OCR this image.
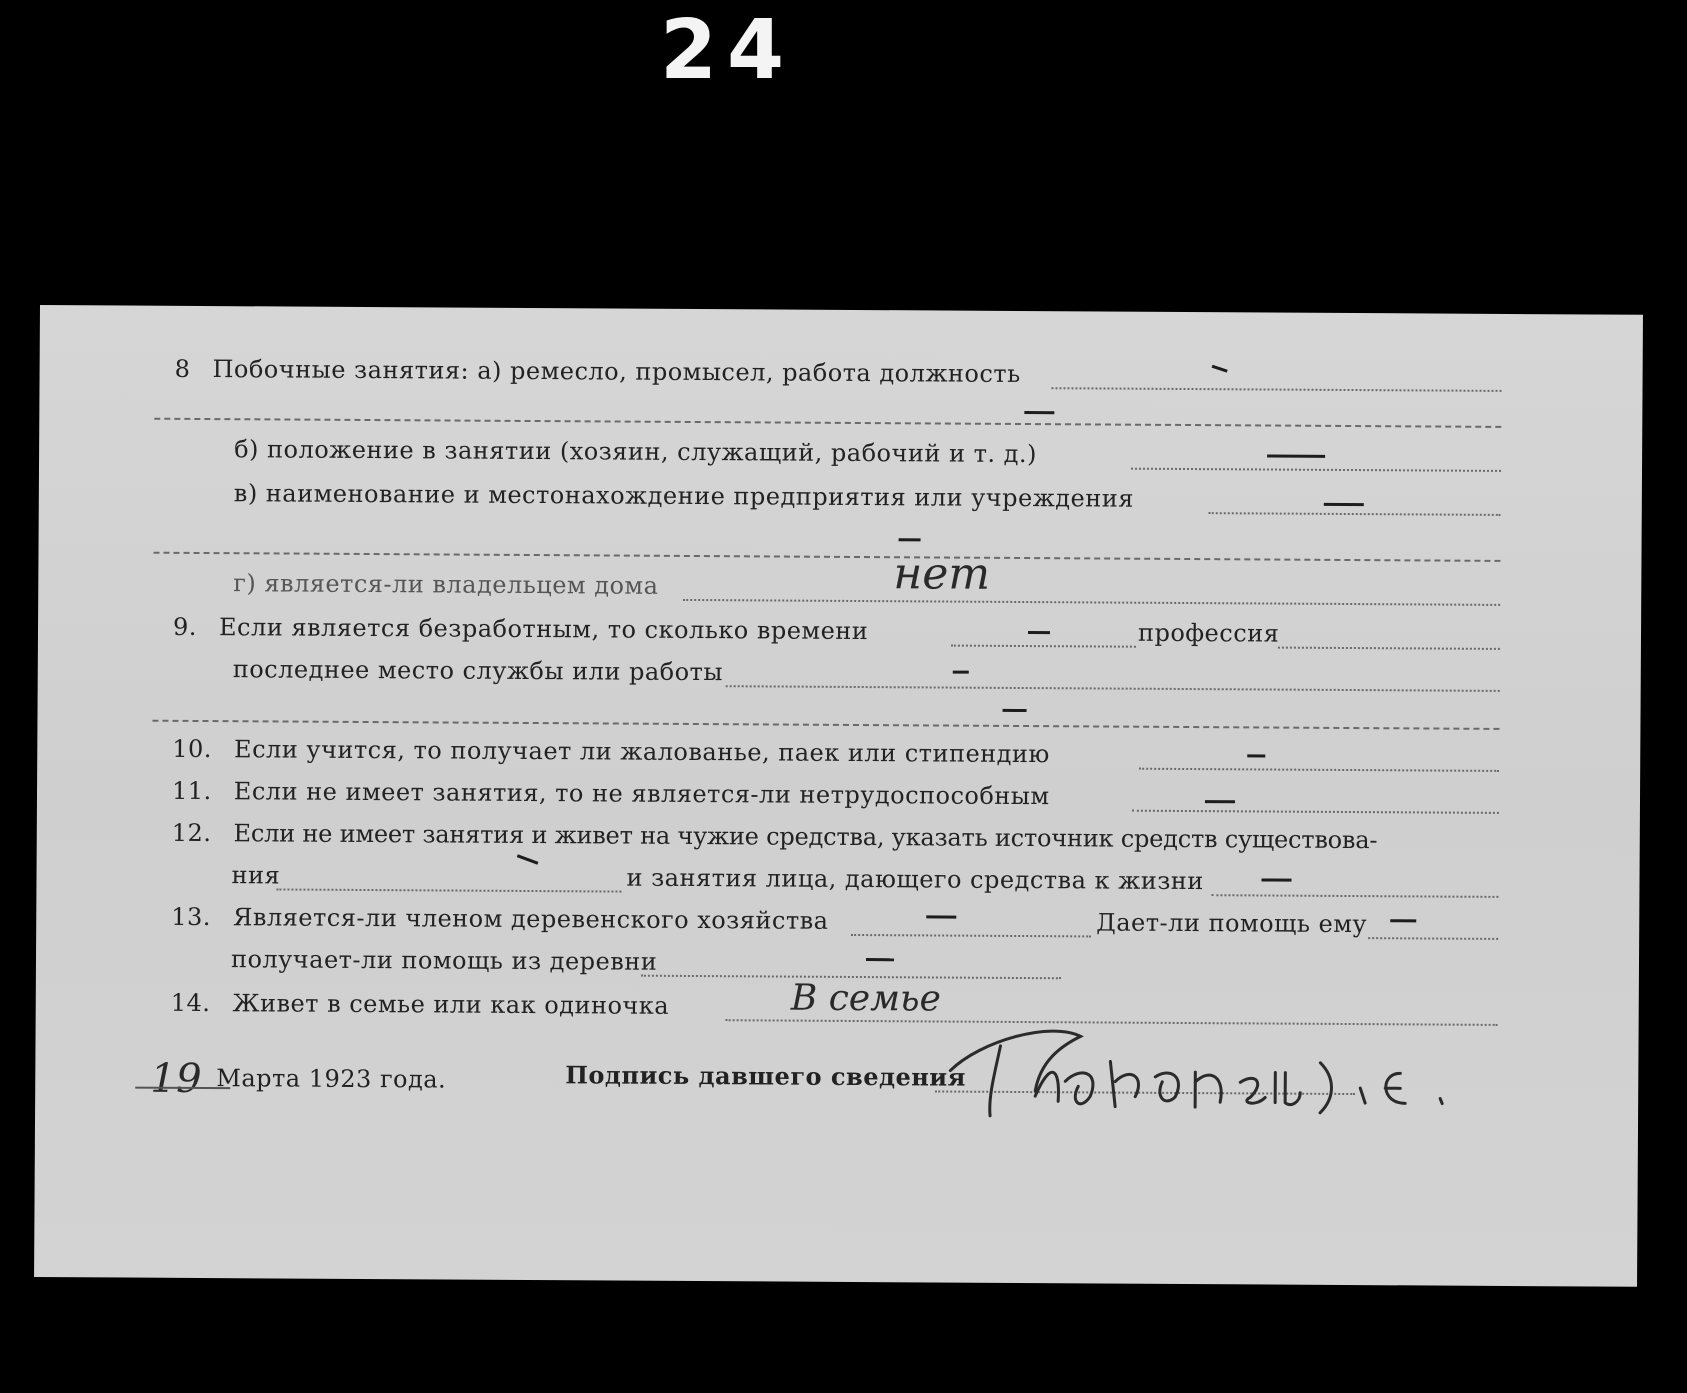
24
8 Побочные занятия: а) ремесло, промысел, работа должность
б) положение в занятии (хозяин, служащий, рабочий и т. д.)
в) наименование и местонахождение предприятия или учреждения
г) является-ли владельцем дома	нет
9. Если является безработным, то сколько времени	профессия
последнее место службы или работы
10. Если учится, то получает ли жалованье, паек или стипендию
11. Если не имеет занятия, то не является-ли нетрудоспособным
12. Если не имеет занятия и живет на чужие средства, указать источник средств существова-
ния	и занятия лица, дающего средства к жизни
13. Является-ли членом деревенского хозяйства	Дает-ли помощь ему
получает-ли помощь из деревни
14. Живет в семье или как одиночка	В семье
19 Марта 1923 года.	Подпись давшего сведения
